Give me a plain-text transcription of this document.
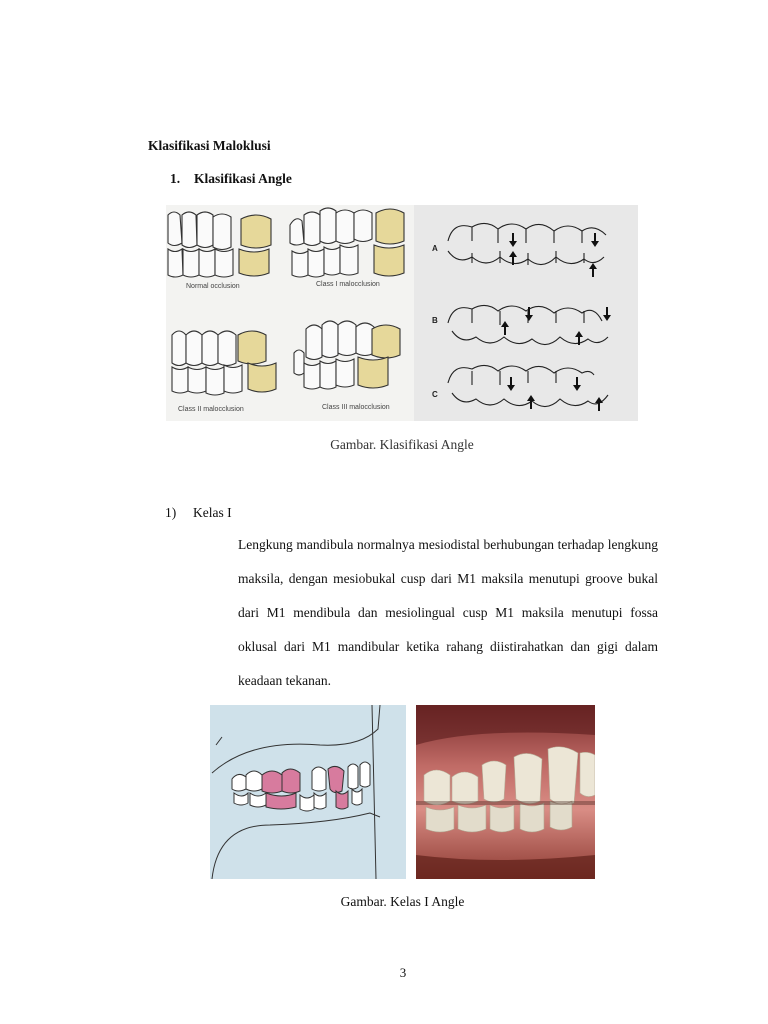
Klasifikasi Maloklusi
1. Klasifikasi Angle
Normal occlusion	Class I malocclusion
Class II malocclusion	Class III malocclusion
A
B
C
Gambar. Klasifikasi Angle
1) Kelas I
Lengkung mandibula normalnya mesiodistal berhubungan terhadap lengkung maksila, dengan mesiobukal cusp dari M1 maksila menutupi groove bukal dari M1 mendibula dan mesiolingual cusp M1 maksila menutupi fossa oklusal dari M1 mandibular ketika rahang diistirahatkan dan gigi dalam keadaan tekanan.
Gambar. Kelas I Angle
3
